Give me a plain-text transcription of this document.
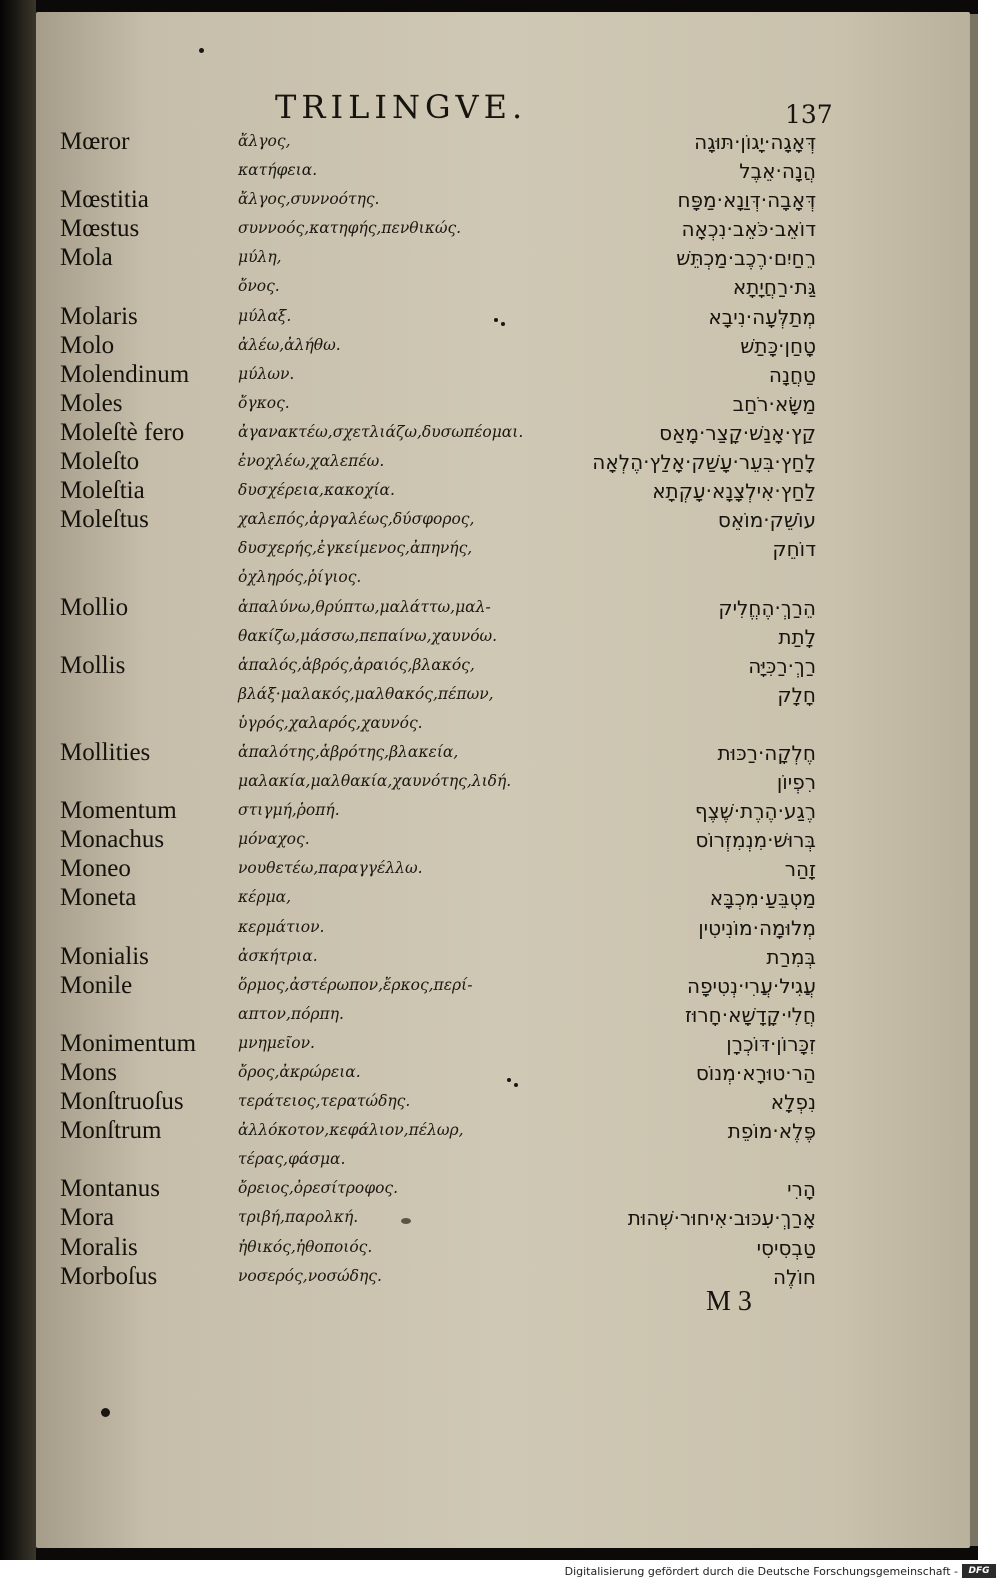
TRILINGVE.	137
Mœror	ἄλγος,	דְּאָגָה·יָגוֹן·תּוּגָה
κατήφεια.	הֲנָה·אֵבֶל
Mœstitia	ἄλγος,συννοότης.	דְּאָבָה·דְּוַנָא·מַפָּח
Mœstus	συννοός,κατηφής,πενθικώς.	דוֹאֵב·כֹּאֵב·נִכְאָה
Mola	μύλη,	רֵחַיִם·רֶכֶב·מַכְתֵּשׁ
ὄνος.	גַּת·רַחֲיָתָא
Molaris	μύλαξ.	מְתַלְּעָה·נִיבָא
Molo	ἀλέω,ἀλήθω.	טָחַן·כָּתַשׁ
Molendinum	μύλων.	טַחֲנָה
Moles	ὄγκος.	מַשָּׂא·רֹחַב
Moleſtè fero	ἀγανακτέω,σχετλιάζω,δυσωπέομαι.	קַץ·אָנַשׁ·קָצַר·מָאַס
Moleſto	ἐνοχλέω,χαλεπέω.	לָחַץ·בִּעֵר·עָשַׁק·אָלַץ·הֶלְאָה
Moleſtia	δυσχέρεια,κακοχία.	לַחַץ·אִילְצָנָא·עָקְתָא
Moleſtus	χαλεπός,ἀργαλέως,δύσφορος,	עוֹשֵׁק·מוֹאֵס
δυσχερής,ἐγκείμενος,ἀπηνής,	דוֹחֵק
ὀχληρός,ῥίγιος.
Mollio	ἁπαλύνω,θρύπτω,μαλάττω,μαλ-	הֵרַךְ·הֶחֱלִיק
θακίζω,μάσσω,πεπαίνω,χαυνόω.	לָתַת
Mollis	ἁπαλός,ἁβρός,ἀραιός,βλακός,	רַךְ·רַכִּיָּה
βλάξ·μαλακός,μαλθακός,πέπων,	חָלָק
ὑγρός,χαλαρός,χαυνός.
Mollities	ἁπαλότης,ἁβρότης,βλακεία,	חֶלְקָה·רַכּוּת
μαλακία,μαλθακία,χαυνότης,λιδή.	רִפְיוֹן
Momentum	στιγμή,ῥοπή.	רֶגַע·הֶרֶת·שֶׁצֶף
Monachus	μόναχος.	בְּרוּשׁ·מִנְמִזְרוֹס
Moneo	νουθετέω,παραγγέλλω.	זָהַר
Moneta	κέρμα,	מַטְבֵּעַ·מִכְבָּא
κερμάτιον.	מְלוּמָה·מוֹנִיטִין
Monialis	ἀσκήτρια.	בְּמִרַת
Monile	ὅρμος,ἀστέρωπον,ἔρκος,περί-	עֲגִיל·עֲרִי·נְטִיפָה
απτον,πόρπη.	חֲלִי·קָדָשָׁא·חָרוּז
Monimentum	μνημεῖον.	זִכָּרוֹן·דּוֹכְרָן
Mons	ὄρος,ἀκρώρεια.	הַר·טוּרָא·מְנוֹס
Monſtruoſus	τεράτειος,τερατώδης.	נִפְלָא
Monſtrum	ἀλλόκοτον,κεφάλιον,πέλωρ,	פֶּלֶא·מוֹפֵת
τέρας,φάσμα.
Montanus	ὄρειος,ὀρεσίτροφος.	הָרִי
Mora	τριβή,παρολκή.	אָרַךְ·עִכּוּב·אִיחוּר·שְׁהוּת
Moralis	ἠθικός,ἠθοποιός.	טַבְסִיסִי
Morboſus	νοσερός,νοσώδης.	חוֹלֶה
M 3
Digitalisierung gefördert durch die Deutsche Forschungsgemeinschaft -	DFG
